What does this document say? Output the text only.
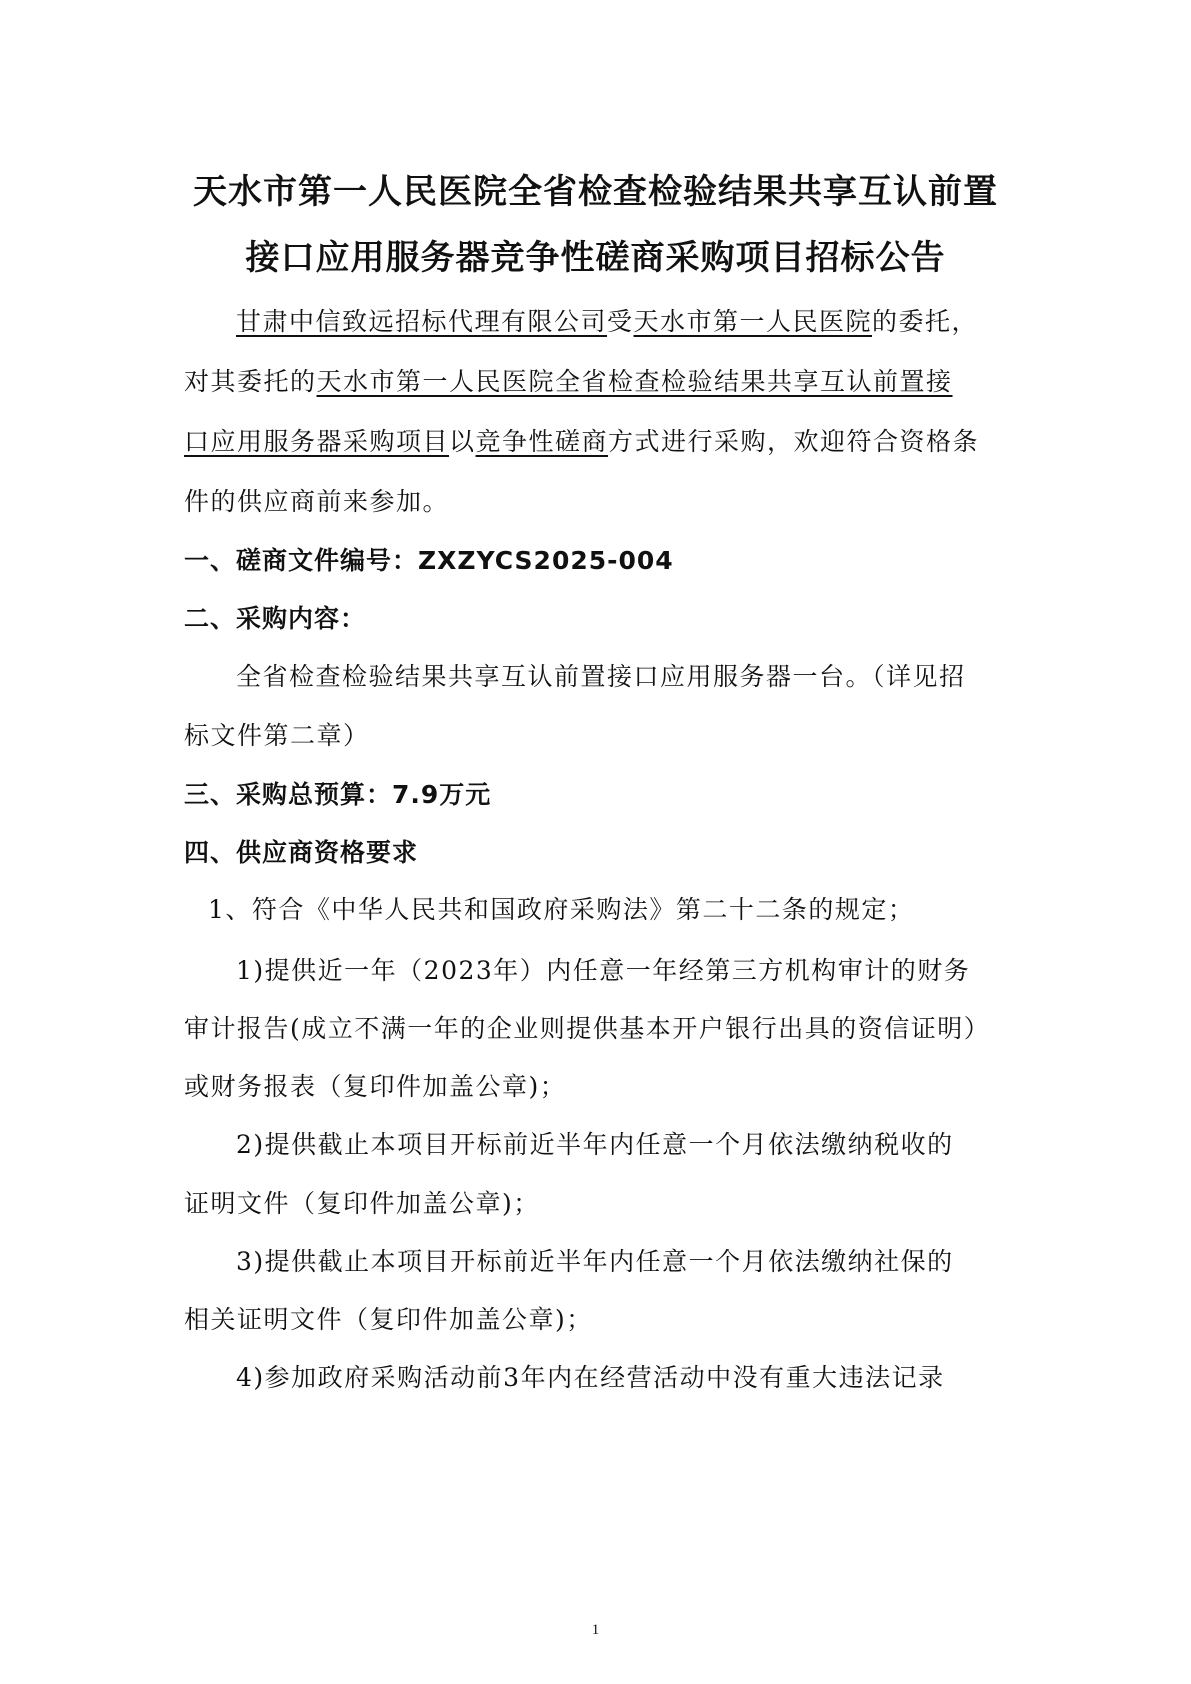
天水市第一人民医院全省检查检验结果共享互认前置
接口应用服务器竞争性磋商采购项目招标公告
甘肃中信致远招标代理有限公司受天水市第一人民医院的委托，
对其委托的天水市第一人民医院全省检查检验结果共享互认前置接
口应用服务器采购项目以竞争性磋商方式进行采购，欢迎符合资格条
件的供应商前来参加。
一、磋商文件编号：ZXZYCS2025-004
二、采购内容：
全省检查检验结果共享互认前置接口应用服务器一台。（详见招
标文件第二章）
三、采购总预算：7.9万元
四、供应商资格要求
1、符合《中华人民共和国政府采购法》第二十二条的规定；
1)提供近一年（2023年）内任意一年经第三方机构审计的财务
审计报告(成立不满一年的企业则提供基本开户银行出具的资信证明）
或财务报表（复印件加盖公章)；
2)提供截止本项目开标前近半年内任意一个月依法缴纳税收的
证明文件（复印件加盖公章)；
3)提供截止本项目开标前近半年内任意一个月依法缴纳社保的
相关证明文件（复印件加盖公章)；
4)参加政府采购活动前3年内在经营活动中没有重大违法记录
1
